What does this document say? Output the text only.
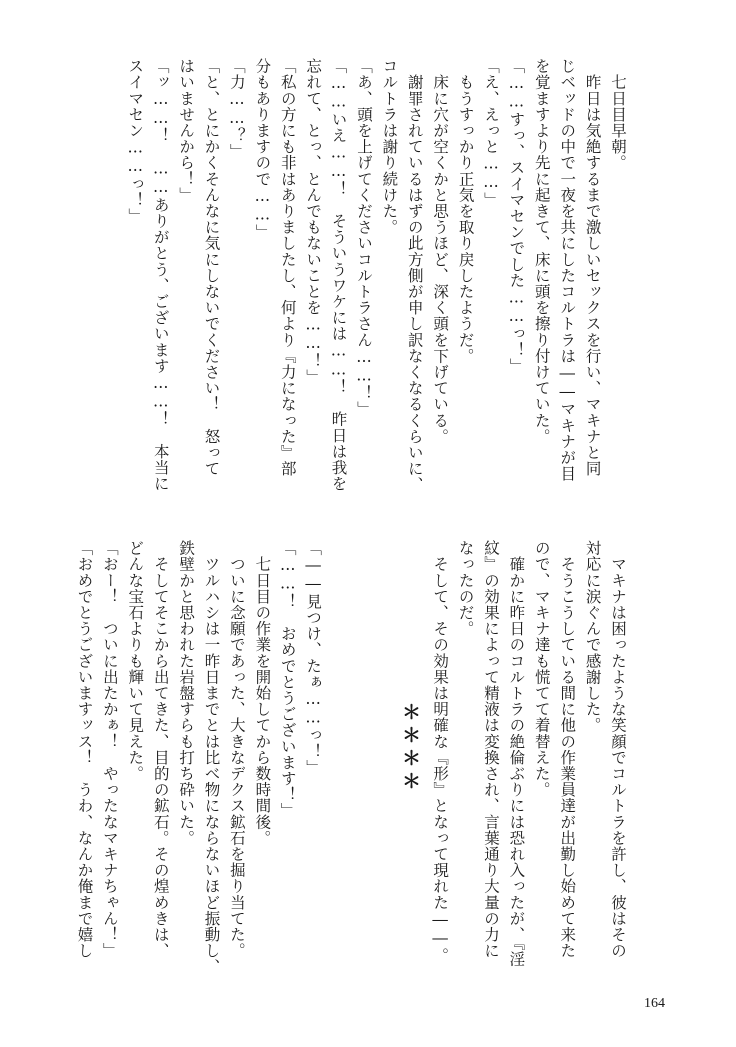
　七日目早朝。

　昨日は気絶するまで激しいセックスを行い、マキナと同

じベッドの中で一夜を共にしたコルトラは――マキナが目

を覚ますより先に起きて、床に頭を擦り付けていた。

「……すっ、スイマセンでした……っ！」

「え、えっと……」

　もうすっかり正気を取り戻したようだ。

　床に穴が空くかと思うほど、深く頭を下げている。

　謝罪されているはずの此方側が申し訳なくなるくらいに、

コルトラは謝り続けた。

「あ、頭を上げてくださいコルトラさん……！」

「……いえ……！　そういうワケには……！　昨日は我を

忘れて、とっ、とんでもないことを……！」

「私の方にも非はありましたし、何より『力になった』部

分もありますので……」

「力……？」

「と、とにかくそんなに気にしないでください！　怒って

はいませんから！」

「ッ……！　……ありがとう、ございます……！　本当に

スイマセン……っ！」

　マキナは困ったような笑顔でコルトラを許し、彼はその

対応に涙ぐんで感謝した。

　そうこうしている間に他の作業員達が出勤し始めて来た

ので、マキナ達も慌てて着替えた。

　確かに昨日のコルトラの絶倫ぶりには恐れ入ったが、『淫

紋』の効果によって精液は変換され、言葉通り大量の力に

なったのだ。

　そして、その効果は明確な『形』となって現れた――。

「――見つけ、たぁ……っ！」

「……！　おめでとうございます！」

　七日目の作業を開始してから数時間後。

　ついに念願であった、大きなデクス鉱石を掘り当てた。

　ツルハシは一昨日までとは比べ物にならないほど振動し、

鉄壁かと思われた岩盤すらも打ち砕いた。

　そしてそこから出てきた、目的の鉱石。その煌めきは、

どんな宝石よりも輝いて見えた。

「おー！　ついに出たかぁ！　やったなマキナちゃん！」

「おめでとうございますッス！　うわ、なんか俺まで嬉し	＊＊＊＊
164
